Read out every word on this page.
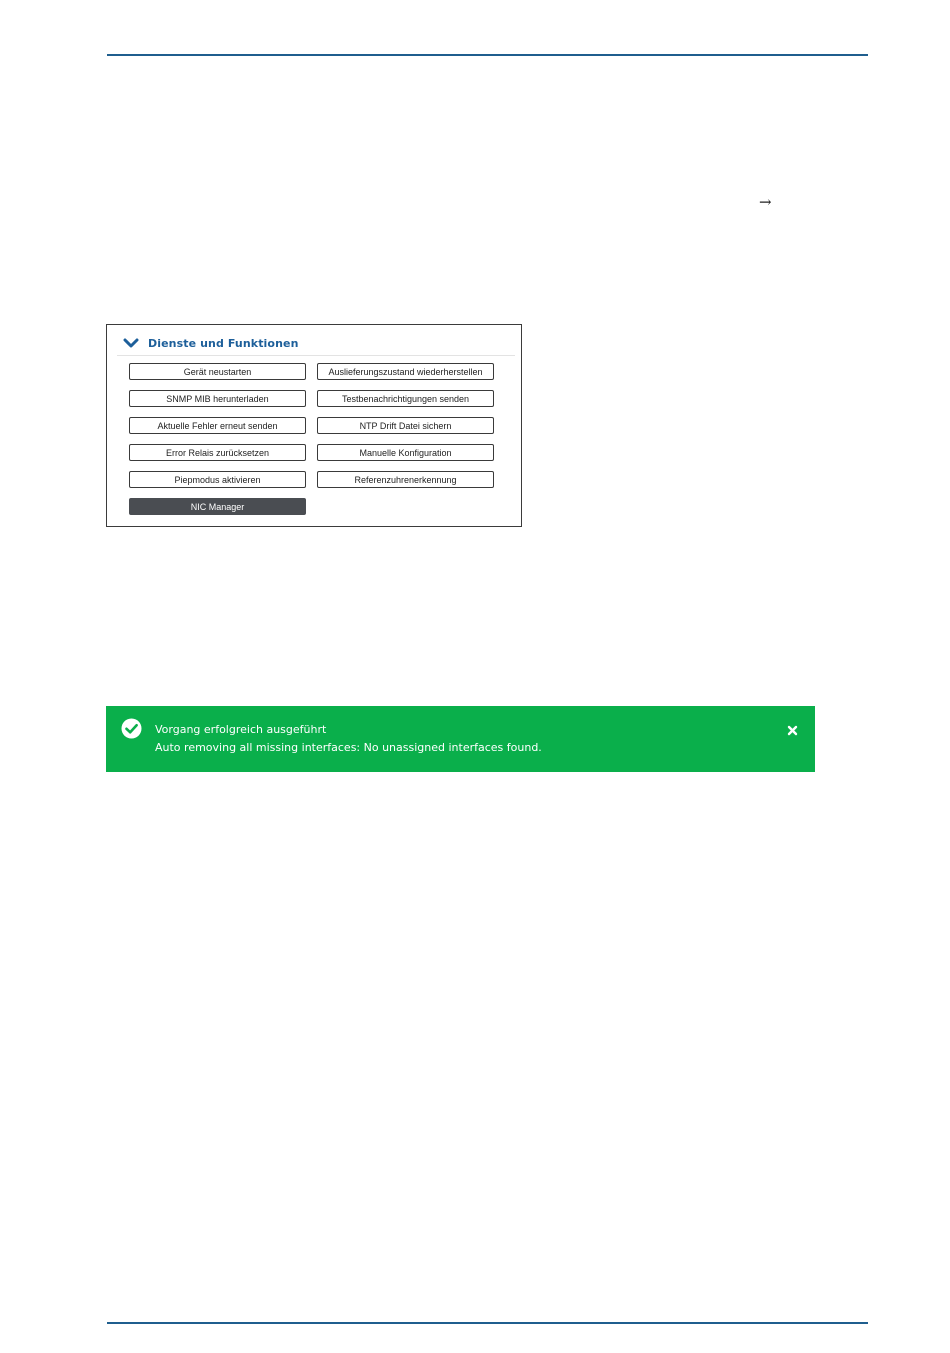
→
Dienste und Funktionen
Gerät neustarten	Auslieferungszustand wiederherstellen
SNMP MIB herunterladen	Testbenachrichtigungen senden
Aktuelle Fehler erneut senden	NTP Drift Datei sichern
Error Relais zurücksetzen	Manuelle Konfiguration
Piepmodus aktivieren	Referenzuhrenerkennung
NIC Manager
Vorgang erfolgreich ausgeführt
Auto removing all missing interfaces: No unassigned interfaces found.
